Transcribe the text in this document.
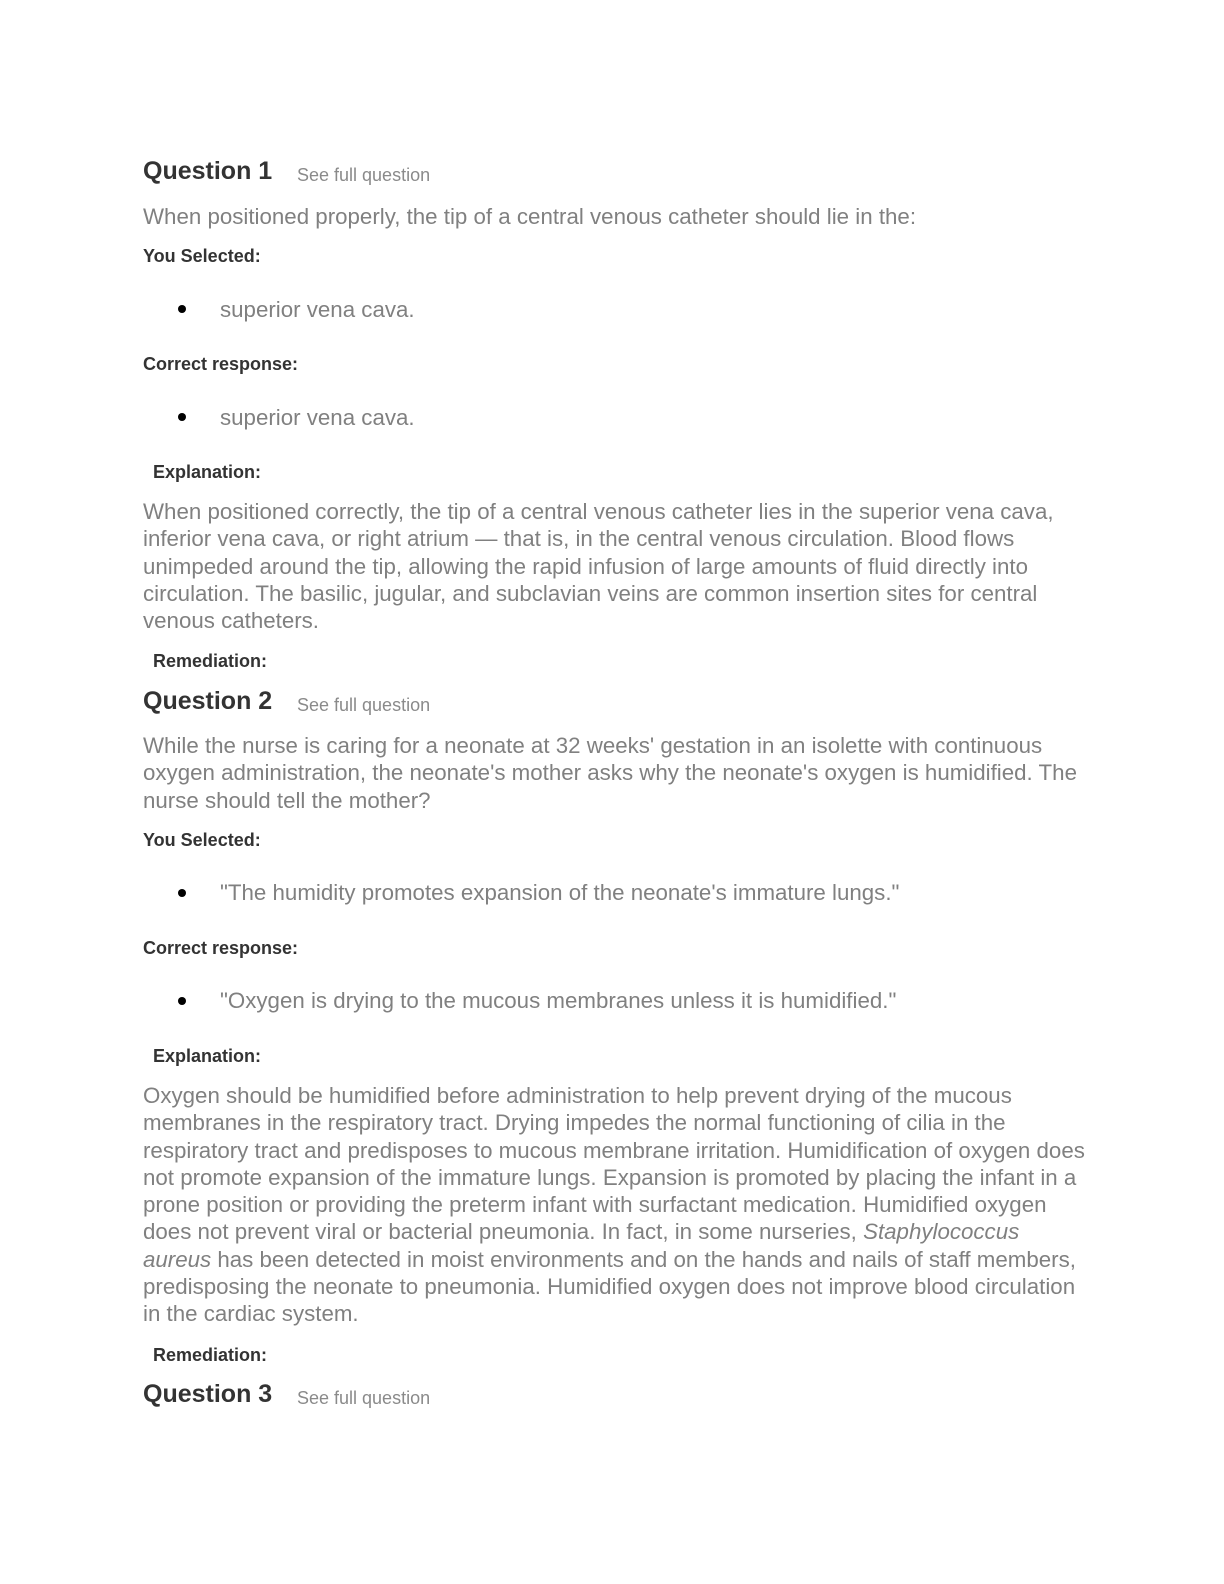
Question 1 See full question
When positioned properly, the tip of a central venous catheter should lie in the:
You Selected:
superior vena cava.
Correct response:
superior vena cava.
Explanation:
When positioned correctly, the tip of a central venous catheter lies in the superior vena cava, inferior vena cava, or right atrium — that is, in the central venous circulation. Blood flows unimpeded around the tip, allowing the rapid infusion of large amounts of fluid directly into circulation. The basilic, jugular, and subclavian veins are common insertion sites for central venous catheters.
Remediation:
Question 2 See full question
While the nurse is caring for a neonate at 32 weeks' gestation in an isolette with continuous oxygen administration, the neonate's mother asks why the neonate's oxygen is humidified. The nurse should tell the mother?
You Selected:
"The humidity promotes expansion of the neonate's immature lungs."
Correct response:
"Oxygen is drying to the mucous membranes unless it is humidified."
Explanation:
Oxygen should be humidified before administration to help prevent drying of the mucous membranes in the respiratory tract. Drying impedes the normal functioning of cilia in the respiratory tract and predisposes to mucous membrane irritation. Humidification of oxygen does not promote expansion of the immature lungs. Expansion is promoted by placing the infant in a prone position or providing the preterm infant with surfactant medication. Humidified oxygen does not prevent viral or bacterial pneumonia. In fact, in some nurseries, Staphylococcus aureus has been detected in moist environments and on the hands and nails of staff members, predisposing the neonate to pneumonia. Humidified oxygen does not improve blood circulation in the cardiac system.
Remediation:
Question 3 See full question
